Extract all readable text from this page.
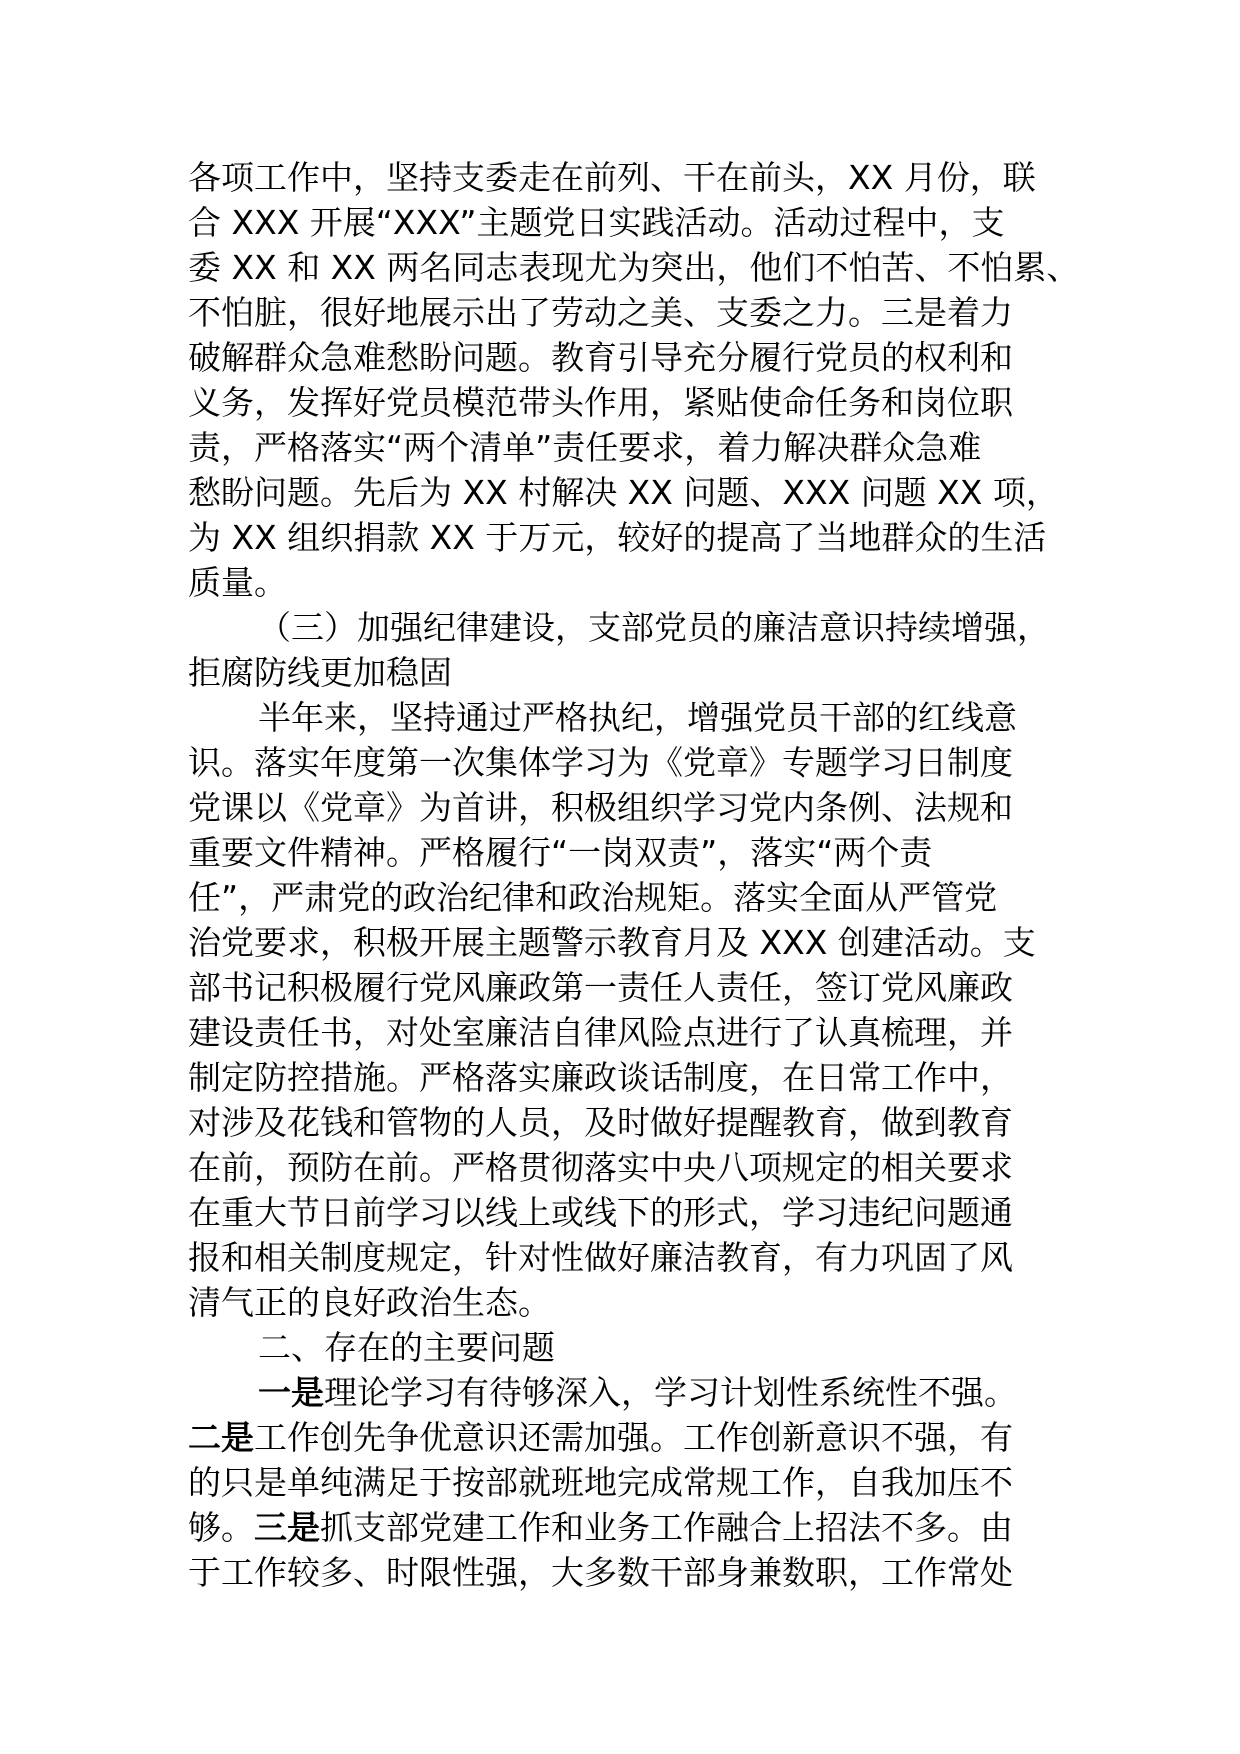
各项工作中，坚持支委走在前列、干在前头，XX 月份，联

合 XXX 开展“XXX”主题党日实践活动。活动过程中，支

委 XX 和 XX 两名同志表现尤为突出，他们不怕苦、不怕累、

不怕脏，很好地展示出了劳动之美、支委之力。三是着力

破解群众急难愁盼问题。教育引导充分履行党员的权利和

义务，发挥好党员模范带头作用，紧贴使命任务和岗位职

责，严格落实“两个清单”责任要求，着力解决群众急难

愁盼问题。先后为 XX 村解决 XX 问题、XXX 问题 XX 项，

为 XX 组织捐款 XX 于万元，较好的提高了当地群众的生活

质量。

（三）加强纪律建设，支部党员的廉洁意识持续增强，

拒腐防线更加稳固

半年来，坚持通过严格执纪，增强党员干部的红线意

识。落实年度第一次集体学习为《党章》专题学习日制度

党课以《党章》为首讲，积极组织学习党内条例、法规和

重要文件精神。严格履行“一岗双责”，落实“两个责

任”，严肃党的政治纪律和政治规矩。落实全面从严管党

治党要求，积极开展主题警示教育月及 XXX 创建活动。支

部书记积极履行党风廉政第一责任人责任，签订党风廉政

建设责任书，对处室廉洁自律风险点进行了认真梳理，并

制定防控措施。严格落实廉政谈话制度，在日常工作中，

对涉及花钱和管物的人员，及时做好提醒教育，做到教育

在前，预防在前。严格贯彻落实中央八项规定的相关要求

在重大节日前学习以线上或线下的形式，学习违纪问题通

报和相关制度规定，针对性做好廉洁教育，有力巩固了风

清气正的良好政治生态。

二、存在的主要问题

一是理论学习有待够深入，学习计划性系统性不强。

二是工作创先争优意识还需加强。工作创新意识不强，有

的只是单纯满足于按部就班地完成常规工作，自我加压不

够。三是抓支部党建工作和业务工作融合上招法不多。由

于工作较多、时限性强，大多数干部身兼数职，工作常处
